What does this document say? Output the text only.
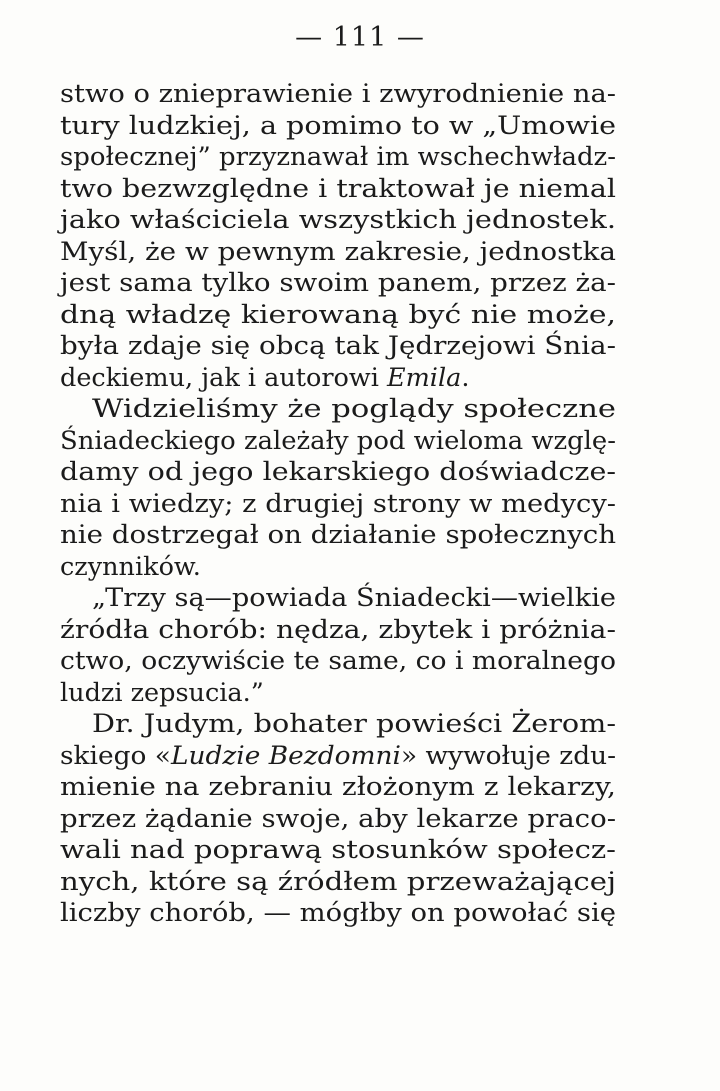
— 111 —
stwo o znieprawienie i zwyrodnienie na-
tury ludzkiej, a pomimo to w „Umowie
społecznej” przyznawał im wschechwładz-
two bezwzględne i traktował je niemal
jako właściciela wszystkich jednostek.
Myśl, że w pewnym zakresie, jednostka
jest sama tylko swoim panem, przez ża-
dną władzę kierowaną być nie może,
była zdaje się obcą tak Jędrzejowi Śnia-
deckiemu, jak i autorowi Emila.
Widzieliśmy że poglądy społeczne
Śniadeckiego zależały pod wieloma wzglę-
damy od jego lekarskiego doświadcze-
nia i wiedzy; z drugiej strony w medycy-
nie dostrzegał on działanie społecznych
czynników.
„Trzy są—powiada Śniadecki—wielkie
źródła chorób: nędza, zbytek i próżnia-
ctwo, oczywiście te same, co i moralnego
ludzi zepsucia.”
Dr. Judym, bohater powieści Żerom-
skiego «Ludzie Bezdomni» wywołuje zdu-
mienie na zebraniu złożonym z lekarzy,
przez żądanie swoje, aby lekarze praco-
wali nad poprawą stosunków społecz-
nych, które są źródłem przeważającej
liczby chorób, — mógłby on powołać się
